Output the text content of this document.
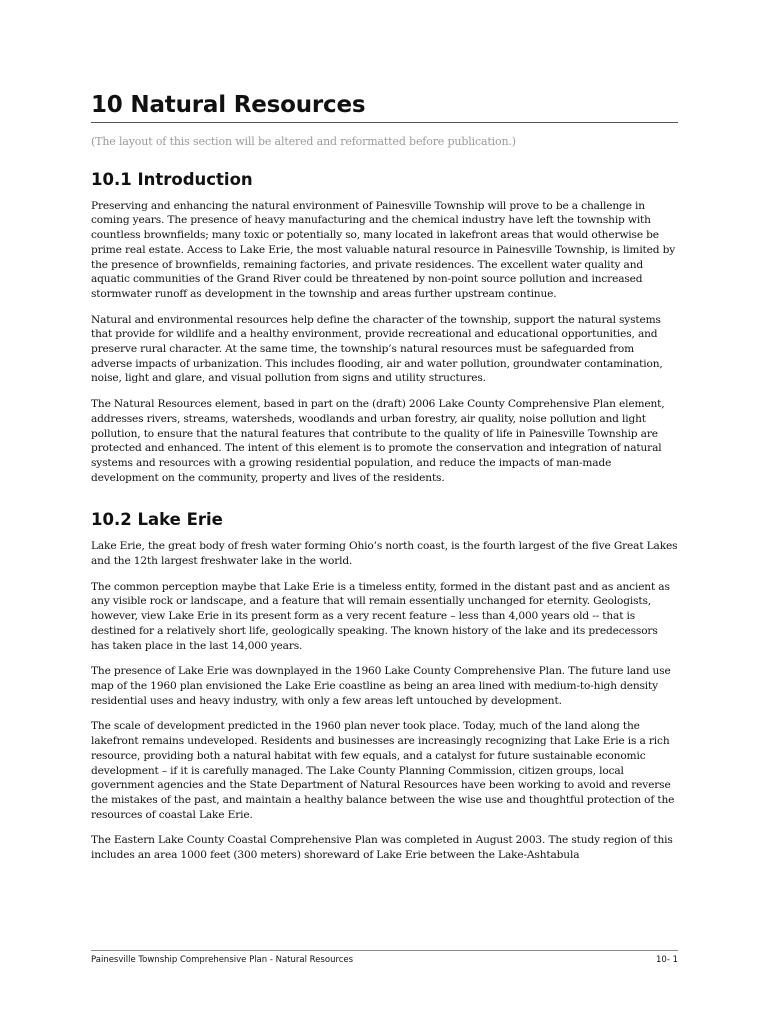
10 Natural Resources

(The layout of this section will be altered and reformatted before publication.)

10.1 Introduction

Preserving and enhancing the natural environment of Painesville Township will prove to be a challenge in coming years. The presence of heavy manufacturing and the chemical industry have left the township with countless brownfields; many toxic or potentially so, many located in lakefront areas that would otherwise be prime real estate. Access to Lake Erie, the most valuable natural resource in Painesville Township, is limited by the presence of brownfields, remaining factories, and private residences. The excellent water quality and aquatic communities of the Grand River could be threatened by non-point source pollution and increased stormwater runoff as development in the township and areas further upstream continue.

Natural and environmental resources help define the character of the township, support the natural systems that provide for wildlife and a healthy environment, provide recreational and educational opportunities, and preserve rural character. At the same time, the township’s natural resources must be safeguarded from adverse impacts of urbanization. This includes flooding, air and water pollution, groundwater contamination, noise, light and glare, and visual pollution from signs and utility structures.

The Natural Resources element, based in part on the (draft) 2006 Lake County Comprehensive Plan element, addresses rivers, streams, watersheds, woodlands and urban forestry, air quality, noise pollution and light pollution, to ensure that the natural features that contribute to the quality of life in Painesville Township are protected and enhanced. The intent of this element is to promote the conservation and integration of natural systems and resources with a growing residential population, and reduce the impacts of man-made development on the community, property and lives of the residents.

10.2 Lake Erie

Lake Erie, the great body of fresh water forming Ohio’s north coast, is the fourth largest of the five Great Lakes and the 12th largest freshwater lake in the world.

The common perception maybe that Lake Erie is a timeless entity, formed in the distant past and as ancient as any visible rock or landscape, and a feature that will remain essentially unchanged for eternity. Geologists, however, view Lake Erie in its present form as a very recent feature – less than 4,000 years old -- that is destined for a relatively short life, geologically speaking. The known history of the lake and its predecessors has taken place in the last 14,000 years.

The presence of Lake Erie was downplayed in the 1960 Lake County Comprehensive Plan. The future land use map of the 1960 plan envisioned the Lake Erie coastline as being an area lined with medium-to-high density residential uses and heavy industry, with only a few areas left untouched by development.

The scale of development predicted in the 1960 plan never took place. Today, much of the land along the lakefront remains undeveloped. Residents and businesses are increasingly recognizing that Lake Erie is a rich resource, providing both a natural habitat with few equals, and a catalyst for future sustainable economic development – if it is carefully managed. The Lake County Planning Commission, citizen groups, local government agencies and the State Department of Natural Resources have been working to avoid and reverse the mistakes of the past, and maintain a healthy balance between the wise use and thoughtful protection of the resources of coastal Lake Erie.

The Eastern Lake County Coastal Comprehensive Plan was completed in August 2003. The study region of this includes an area 1000 feet (300 meters) shoreward of Lake Erie between the Lake-Ashtabula

Painesville Township Comprehensive Plan - Natural Resources	10- 1
